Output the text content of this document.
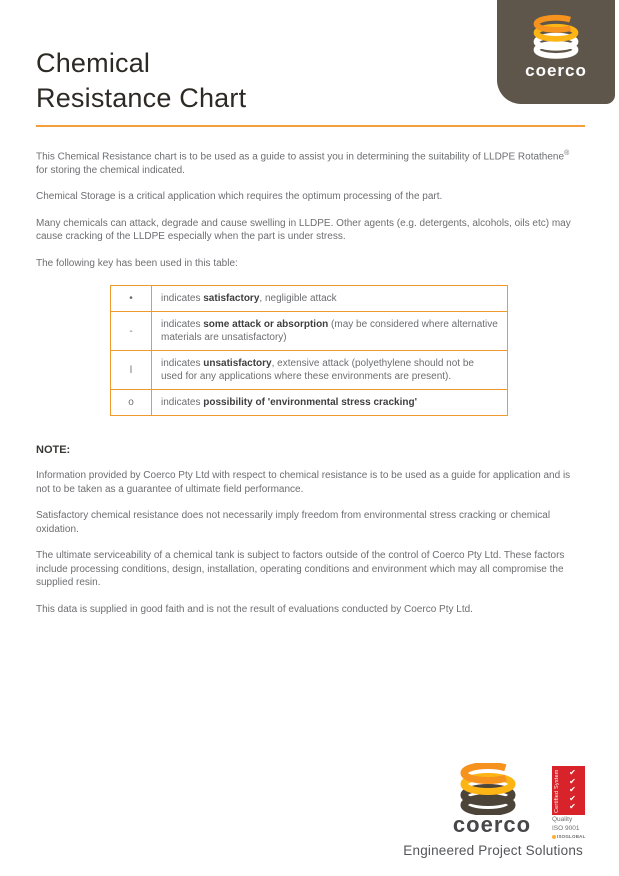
coerco
Chemical
Resistance Chart

This Chemical Resistance chart is to be used as a guide to assist you in determining the suitability of LLDPE Rotathene® for storing the chemical indicated.

Chemical Storage is a critical application which requires the optimum processing of the part.

Many chemicals can attack, degrade and cause swelling in LLDPE. Other agents (e.g. detergents, alcohols, oils etc) may cause cracking of the LLDPE especially when the part is under stress.

The following key has been used in this table:

•	indicates satisfactory, negligible attack
-	indicates some attack or absorption (may be considered where alternative materials are unsatisfactory)
l	indicates unsatisfactory, extensive attack (polyethylene should not be used for any applications where these environments are present).
o	indicates possibility of 'environmental stress cracking'
NOTE:

Information provided by Coerco Pty Ltd with respect to chemical resistance is to be used as a guide for application and is not to be taken as a guarantee of ultimate field performance.

Satisfactory chemical resistance does not necessarily imply freedom from environmental stress cracking or chemical oxidation.

The ultimate serviceability of a chemical tank is subject to factors outside of the control of Coerco Pty Ltd. These factors include processing conditions, design, installation, operating conditions and environment which may all compromise the supplied resin.

This data is supplied in good faith and is not the result of evaluations conducted by Coerco Pty Ltd.

coerco
Certified System ✔
✔
✔
✔
✔
Quality
ISO 9001
ISOGLOBAL
Engineered Project Solutions
